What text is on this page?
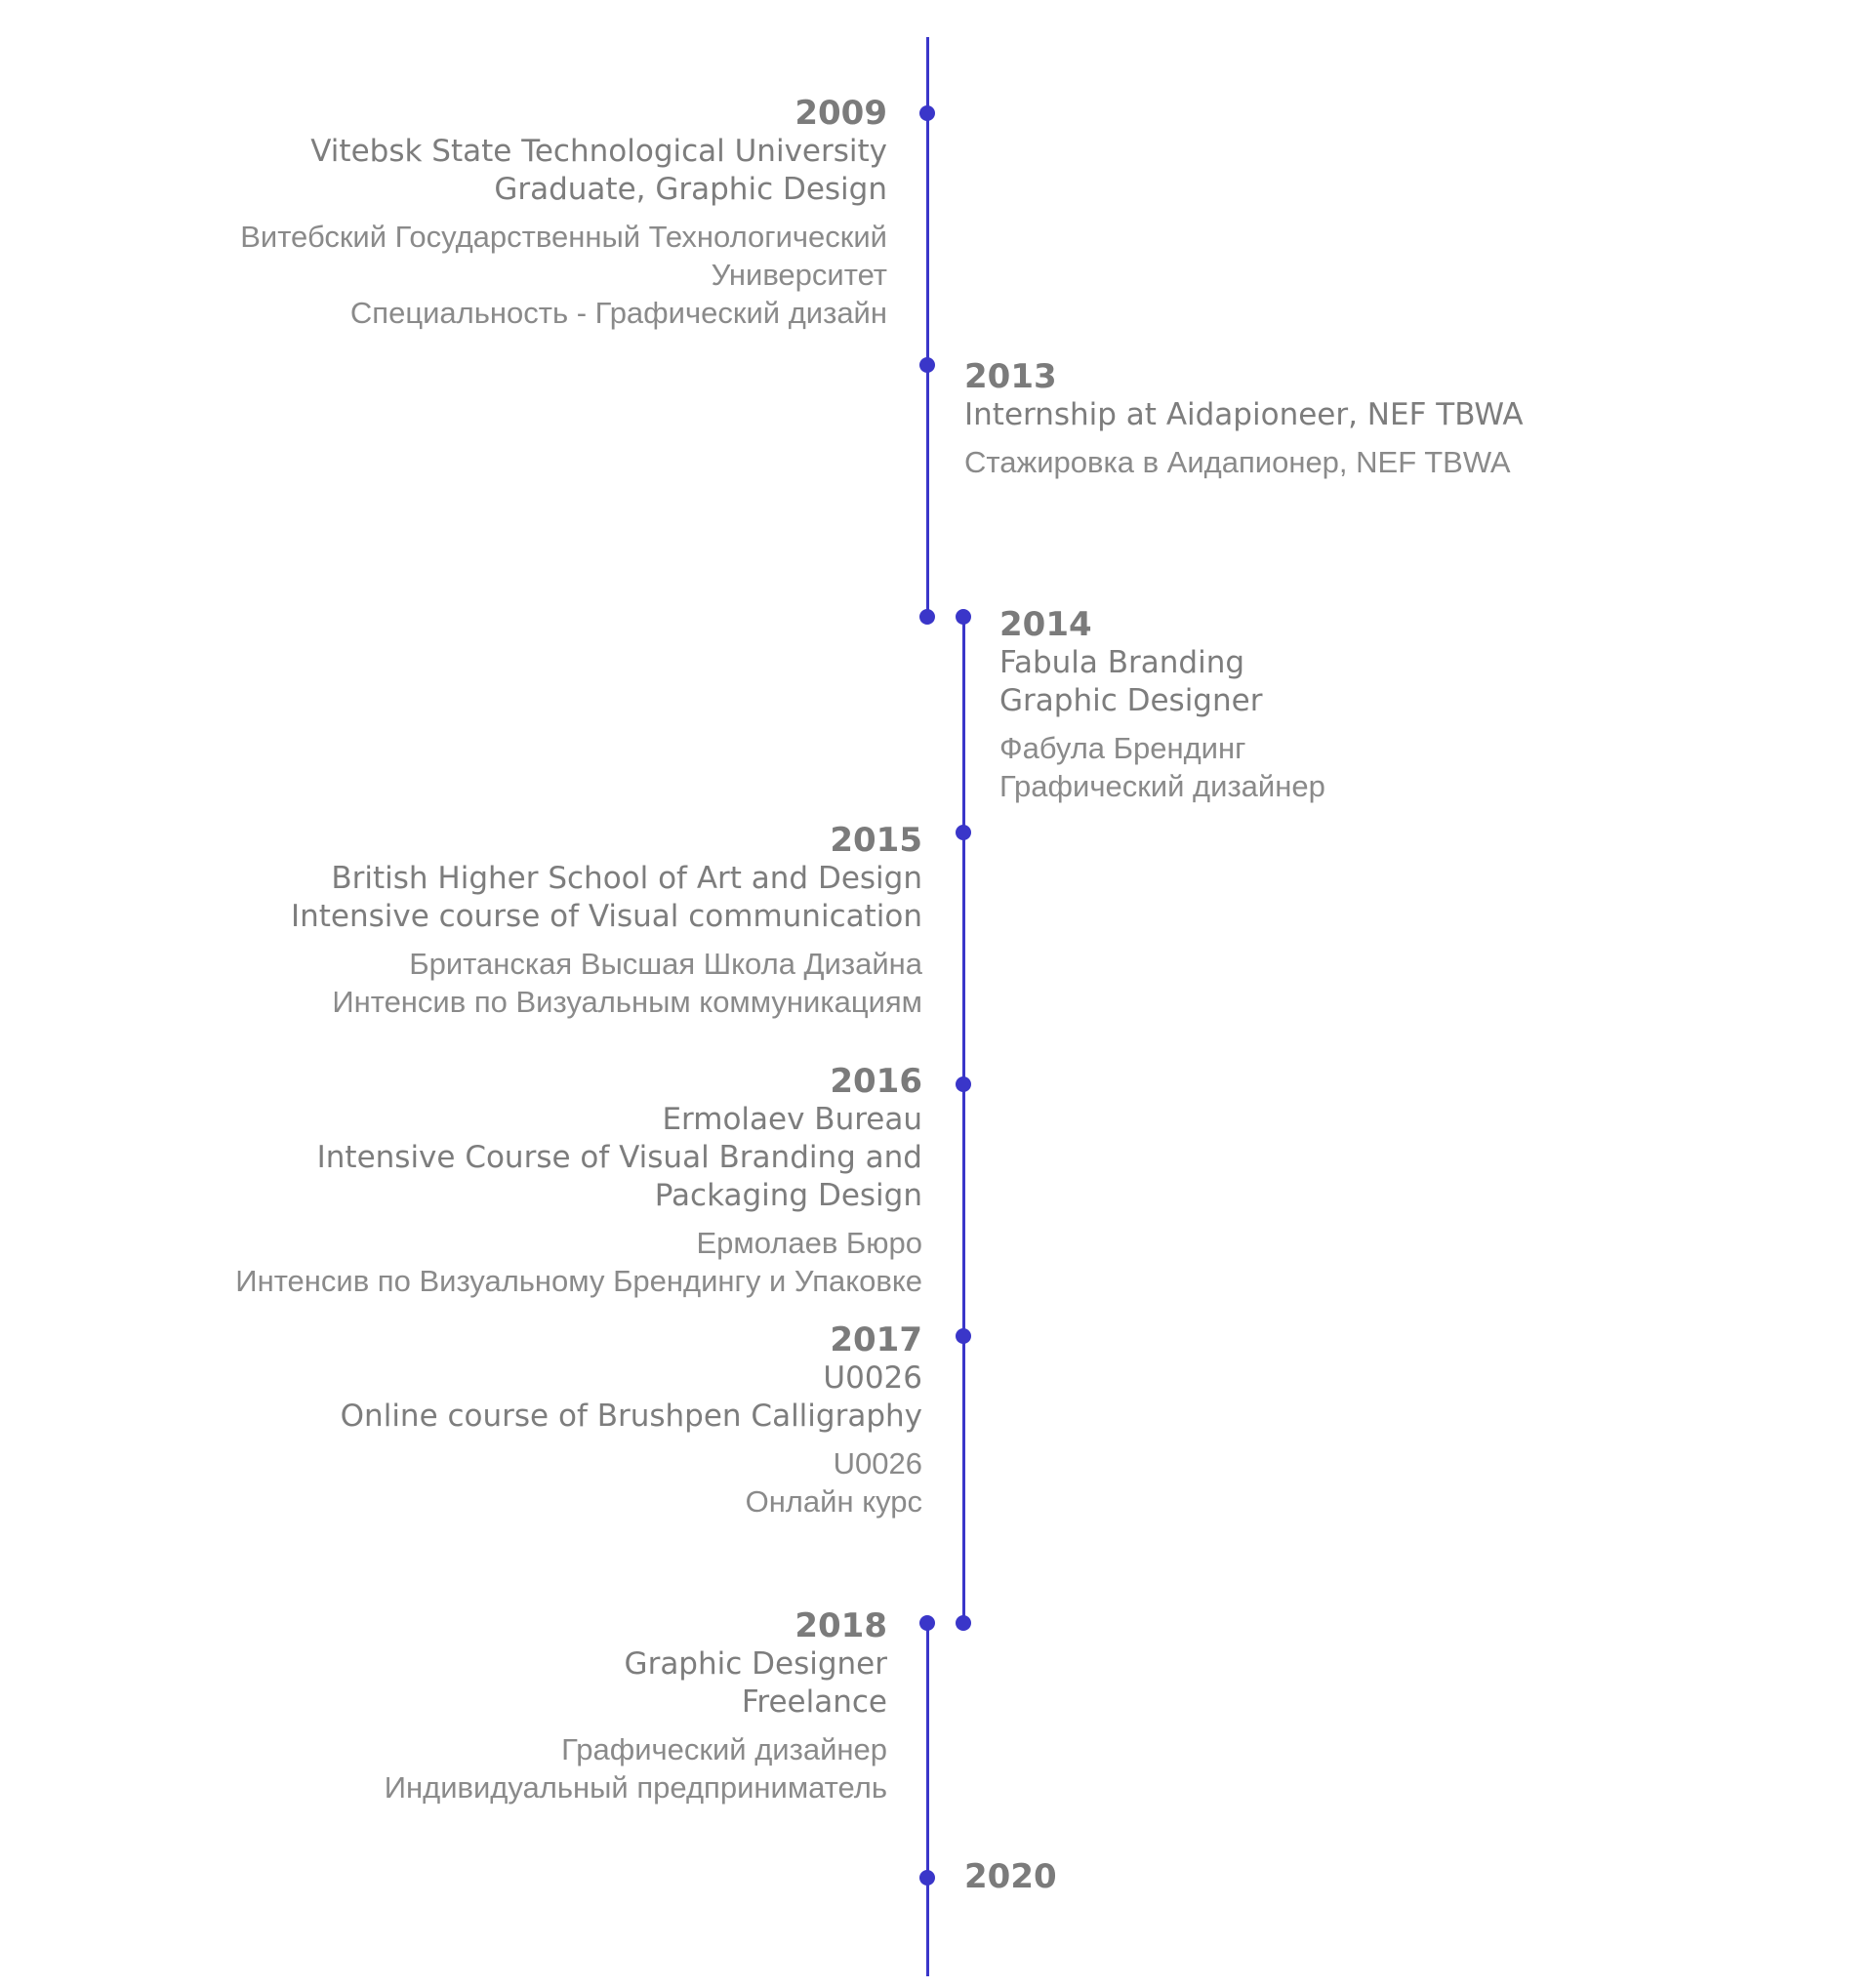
2009
Vitebsk State Technological University
Graduate, Graphic Design
Витебский Государственный Технологический
Университет
Специальность - Графический дизайн
2013
Internship at Aidapioneer, NEF TBWA
Стажировка в Аидапионер, NEF TBWA
2014
Fabula Branding
Graphic Designer
Фабула Брендинг
Графический дизайнер
2015
British Higher School of Art and Design
Intensive course of Visual communication
Британская Высшая Школа Дизайна
Интенсив по Визуальным коммуникациям
2016
Ermolaev Bureau
Intensive Course of Visual Branding and
Packaging Design
Ермолаев Бюро
Интенсив по Визуальному Брендингу и Упаковке
2017
U0026
Online course of Brushpen Calligraphy
U0026
Онлайн курс
2018
Graphic Designer
Freelance
Графический дизайнер
Индивидуальный предприниматель
2020
